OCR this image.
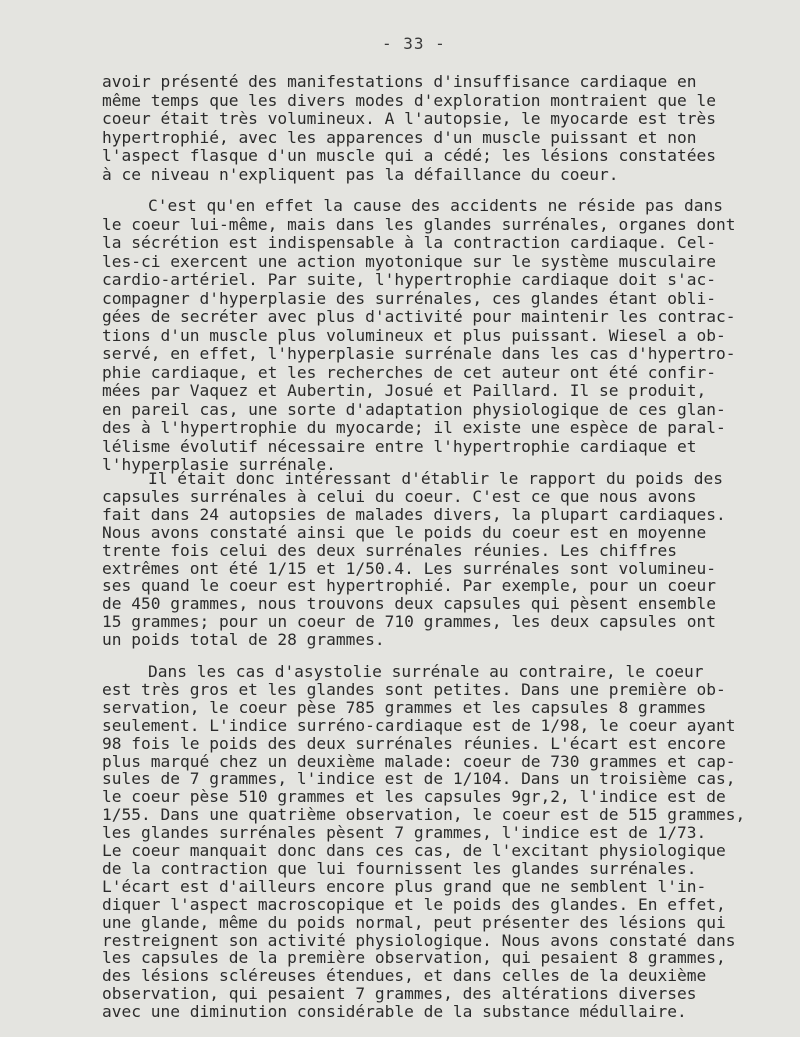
- 33 -
avoir présenté des manifestations d'insuffisance cardiaque en
même temps que les divers modes d'exploration montraient que le
coeur était très volumineux. A l'autopsie, le myocarde est très
hypertrophié, avec les apparences d'un muscle puissant et non
l'aspect flasque d'un muscle qui a cédé; les lésions constatées
à ce niveau n'expliquent pas la défaillance du coeur.
C'est qu'en effet la cause des accidents ne réside pas dans
le coeur lui-même, mais dans les glandes surrénales, organes dont
la sécrétion est indispensable à la contraction cardiaque. Cel-
les-ci exercent une action myotonique sur le système musculaire
cardio-artériel. Par suite, l'hypertrophie cardiaque doit s'ac-
compagner d'hyperplasie des surrénales, ces glandes étant obli-
gées de secréter avec plus d'activité pour maintenir les contrac-
tions d'un muscle plus volumineux et plus puissant. Wiesel a ob-
servé, en effet, l'hyperplasie surrénale dans les cas d'hypertro-
phie cardiaque, et les recherches de cet auteur ont été confir-
mées par Vaquez et Aubertin, Josué et Paillard. Il se produit,
en pareil cas, une sorte d'adaptation physiologique de ces glan-
des à l'hypertrophie du myocarde; il existe une espèce de paral-
lélisme évolutif nécessaire entre l'hypertrophie cardiaque et
l'hyperplasie surrénale.
Il était donc intéressant d'établir le rapport du poids des
capsules surrénales à celui du coeur. C'est ce que nous avons
fait dans 24 autopsies de malades divers, la plupart cardiaques.
Nous avons constaté ainsi que le poids du coeur est en moyenne
trente fois celui des deux surrénales réunies. Les chiffres
extrêmes ont été 1/15 et 1/50.4. Les surrénales sont volumineu-
ses quand le coeur est hypertrophié. Par exemple, pour un coeur
de 450 grammes, nous trouvons deux capsules qui pèsent ensemble
15 grammes; pour un coeur de 710 grammes, les deux capsules ont
un poids total de 28 grammes.
Dans les cas d'asystolie surrénale au contraire, le coeur
est très gros et les glandes sont petites. Dans une première ob-
servation, le coeur pèse 785 grammes et les capsules 8 grammes
seulement. L'indice surréno-cardiaque est de 1/98, le coeur ayant
98 fois le poids des deux surrénales réunies. L'écart est encore
plus marqué chez un deuxième malade: coeur de 730 grammes et cap-
sules de 7 grammes, l'indice est de 1/104. Dans un troisième cas,
le coeur pèse 510 grammes et les capsules 9gr,2, l'indice est de
1/55. Dans une quatrième observation, le coeur est de 515 grammes,
les glandes surrénales pèsent 7 grammes, l'indice est de 1/73.
Le coeur manquait donc dans ces cas, de l'excitant physiologique
de la contraction que lui fournissent les glandes surrénales.
L'écart est d'ailleurs encore plus grand que ne semblent l'in-
diquer l'aspect macroscopique et le poids des glandes. En effet,
une glande, même du poids normal, peut présenter des lésions qui
restreignent son activité physiologique. Nous avons constaté dans
les capsules de la première observation, qui pesaient 8 grammes,
des lésions scléreuses étendues, et dans celles de la deuxième
observation, qui pesaient 7 grammes, des altérations diverses
avec une diminution considérable de la substance médullaire.
